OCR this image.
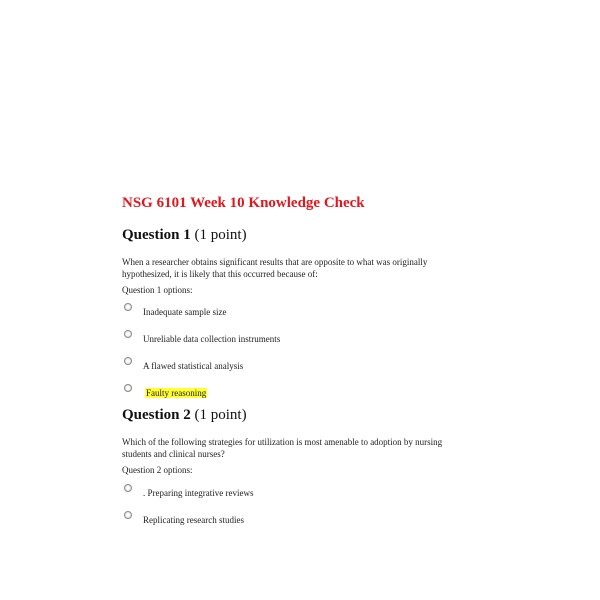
NSG 6101 Week 10 Knowledge Check
Question 1 (1 point)
When a researcher obtains significant results that are opposite to what was originally hypothesized, it is likely that this occurred because of:
Question 1 options:
Inadequate sample size
Unreliable data collection instruments
A flawed statistical analysis
Faulty reasoning
Question 2 (1 point)
Which of the following strategies for utilization is most amenable to adoption by nursing students and clinical nurses?
Question 2 options:
. Preparing integrative reviews
Replicating research studies
